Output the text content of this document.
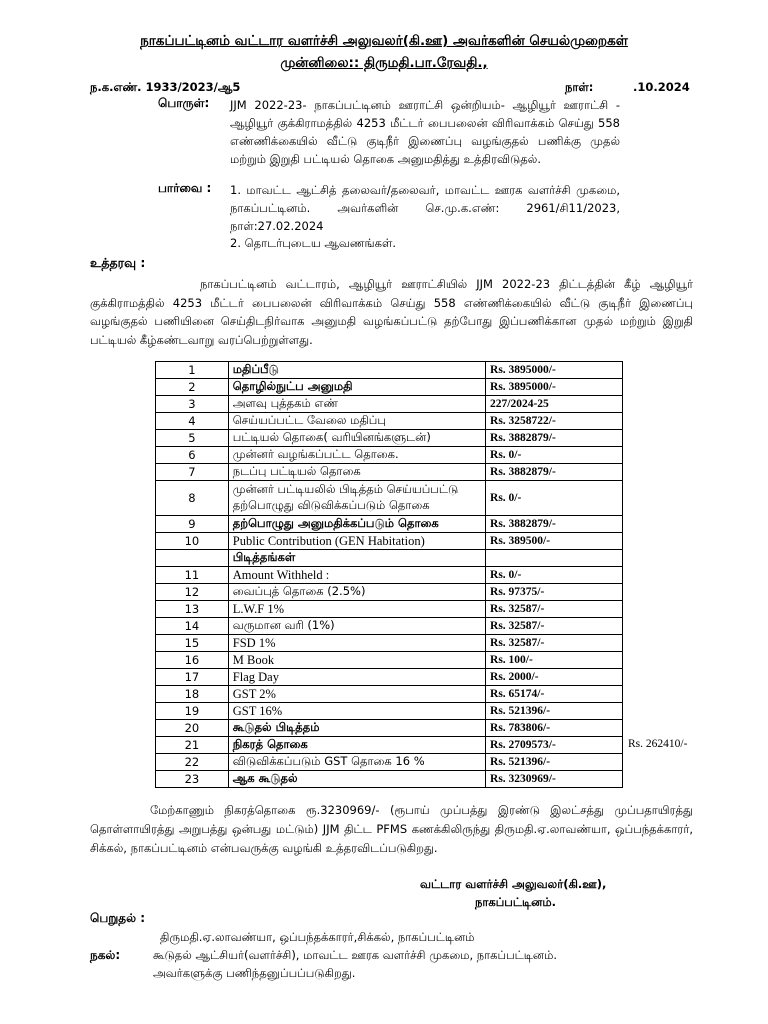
நாகப்பட்டினம் வட்டார வளர்ச்சி அலுவலர்(கி.ஊ) அவர்களின் செயல்முறைகள்
முன்னிலை:: திருமதி.பா.ரேவதி.,
ந.க.எண். 1933/2023/ஆ5	நாள்:	.10.2024
பொருள்: JJM 2022-23- நாகப்பட்டினம் ஊராட்சி ஒன்றியம்- ஆழியூர் ஊராட்சி - ஆழியூர் குக்கிராமத்தில் 4253 மீட்டர் பைபலைன் விரிவாக்கம் செய்து 558 எண்ணிக்கையில் வீட்டு குடிநீர் இணைப்பு வழங்குதல் பணிக்கு முதல் மற்றும் இறுதி பட்டியல் தொகை அனுமதித்து உத்திரவிடுதல்.
பார்வை : 1. மாவட்ட ஆட்சித் தலைவர்/தலைவர், மாவட்ட ஊரக வளர்ச்சி முகமை, நாகப்பட்டினம். அவர்களின் செ.மு.க.எண்: 2961/சி11/2023, நாள்:27.02.2024
2. தொடர்புடைய ஆவணங்கள்.
உத்தரவு :
நாகப்பட்டினம் வட்டாரம், ஆழியூர் ஊராட்சியில் JJM 2022-23 திட்டத்தின் கீழ் ஆழியூர் குக்கிராமத்தில் 4253 மீட்டர் பைபலைன் விரிவாக்கம் செய்து 558 எண்ணிக்கையில் வீட்டு குடிநீர் இணைப்பு வழங்குதல் பணியினை செய்திடநிர்வாக அனுமதி வழங்கப்பட்டு தற்போது இப்பணிக்கான முதல் மற்றும் இறுதி பட்டியல் கீழ்கண்டவாறு வரப்பெற்றுள்ளது.
1	மதிப்பீடு	Rs. 3895000/-
2	தொழில்நுட்ப அனுமதி	Rs. 3895000/-
3	அளவு புத்தகம் எண்	227/2024-25
4	செய்யப்பட்ட வேலை மதிப்பு	Rs. 3258722/-
5	பட்டியல் தொகை( வரியினங்களுடன்)	Rs. 3882879/-
6	முன்னர் வழங்கப்பட்ட தொகை.	Rs. 0/-
7	நடப்பு பட்டியல் தொகை	Rs. 3882879/-
8	முன்னர் பட்டியலில் பிடித்தம் செய்யப்பட்டு தற்பொழுது விடுவிக்கப்படும் தொகை	Rs. 0/-
9	தற்பொழுது அனுமதிக்கப்படும் தொகை	Rs. 3882879/-
10	Public Contribution (GEN Habitation)	Rs. 389500/-
	பிடித்தங்கள்	
11	Amount Withheld :	Rs. 0/-
12	வைப்புத் தொகை (2.5%)	Rs. 97375/-
13	L.W.F 1%	Rs. 32587/-
14	வருமான வரி (1%)	Rs. 32587/-
15	FSD 1%	Rs. 32587/-
16	M Book	Rs. 100/-
17	Flag Day	Rs. 2000/-
18	GST 2%	Rs. 65174/-
19	GST 16%	Rs. 521396/-
20	கூடுதல் பிடித்தம்	Rs. 783806/-
21	நிகரத் தொகை	Rs. 2709573/-
22	விடுவிக்கப்படும் GST தொகை 16 %	Rs. 521396/-
23	ஆக கூடுதல்	Rs. 3230969/-
Rs. 262410/-
மேற்காணும் நிகரத்தொகை ரூ.3230969/- (ரூபாய் முப்பத்து இரண்டு இலட்சத்து முப்பதாயிரத்து தொள்ளாயிரத்து அறுபத்து ஒன்பது மட்டும்) JJM திட்ட PFMS கணக்கிலிருந்து திருமதி.ஏ.லாவண்யா, ஒப்பந்தக்காரர், சிக்கல், நாகப்பட்டினம் என்பவருக்கு வழங்கி உத்தரவிடப்படுகிறது.
வட்டார வளர்ச்சி அலுவலர்(கி.ஊ),
நாகப்பட்டினம்.
பெறுதல் :
திருமதி.ஏ.லாவண்யா, ஒப்பந்தக்காரர்,சிக்கல், நாகப்பட்டினம்
நகல்:	கூடுதல் ஆட்சியர்(வளர்ச்சி), மாவட்ட ஊரக வளர்ச்சி முகமை, நாகப்பட்டினம்.
அவர்களுக்கு பணிந்தனுப்பப்படுகிறது.
